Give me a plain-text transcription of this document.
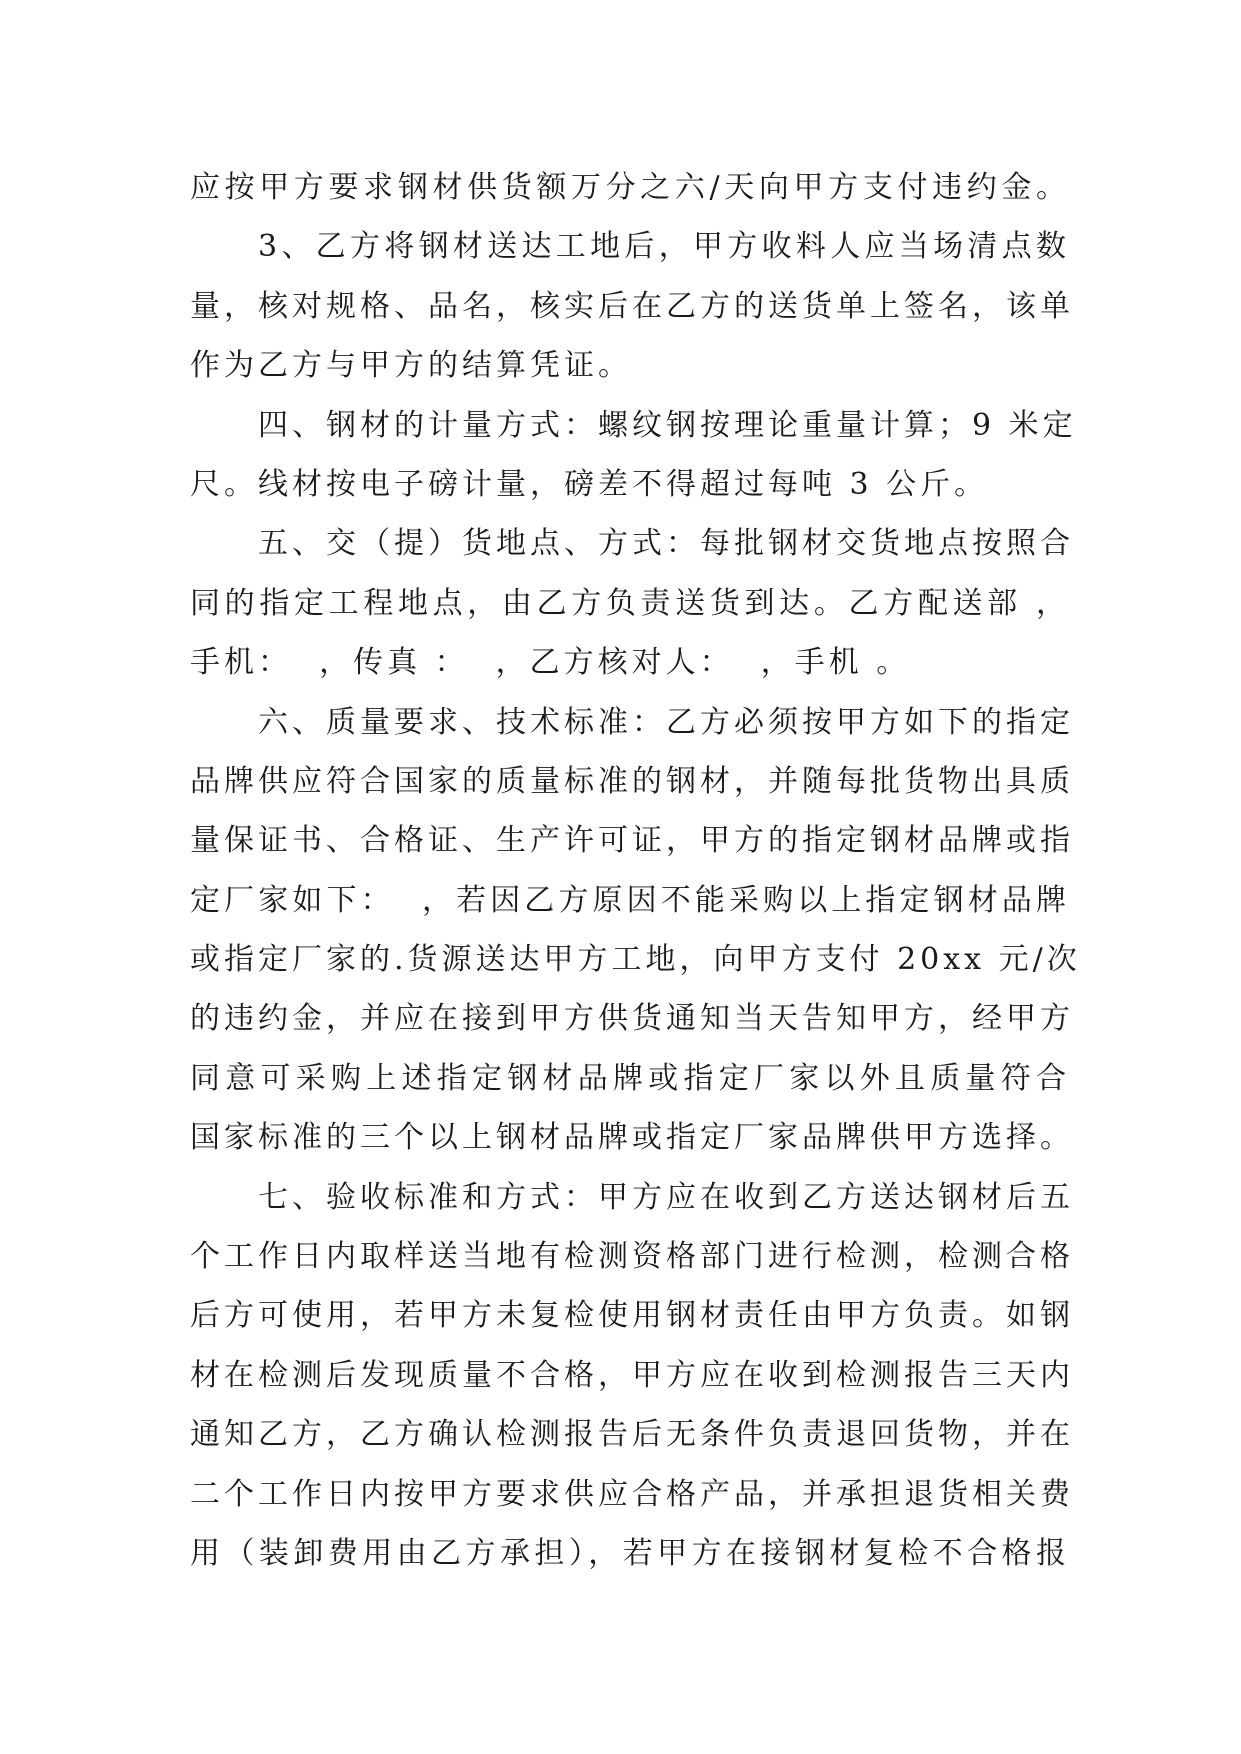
应按甲方要求钢材供货额万分之六/天向甲方支付违约金。
3、乙方将钢材送达工地后，甲方收料人应当场清点数
量，核对规格、品名，核实后在乙方的送货单上签名，该单
作为乙方与甲方的结算凭证。
四、钢材的计量方式：螺纹钢按理论重量计算；9 米定
尺。线材按电子磅计量，磅差不得超过每吨 3 公斤。
五、交（提）货地点、方式：每批钢材交货地点按照合
同的指定工程地点，由乙方负责送货到达。乙方配送部 ，
手机：  ，传真 ：  ，乙方核对人：  ，手机 。
六、质量要求、技术标准：乙方必须按甲方如下的指定
品牌供应符合国家的质量标准的钢材，并随每批货物出具质
量保证书、合格证、生产许可证，甲方的指定钢材品牌或指
定厂家如下：  ，若因乙方原因不能采购以上指定钢材品牌
或指定厂家的.货源送达甲方工地，向甲方支付 20xx 元/次
的违约金，并应在接到甲方供货通知当天告知甲方，经甲方
同意可采购上述指定钢材品牌或指定厂家以外且质量符合
国家标准的三个以上钢材品牌或指定厂家品牌供甲方选择。
七、验收标准和方式：甲方应在收到乙方送达钢材后五
个工作日内取样送当地有检测资格部门进行检测，检测合格
后方可使用，若甲方未复检使用钢材责任由甲方负责。如钢
材在检测后发现质量不合格，甲方应在收到检测报告三天内
通知乙方，乙方确认检测报告后无条件负责退回货物，并在
二个工作日内按甲方要求供应合格产品，并承担退货相关费
用（装卸费用由乙方承担），若甲方在接钢材复检不合格报
